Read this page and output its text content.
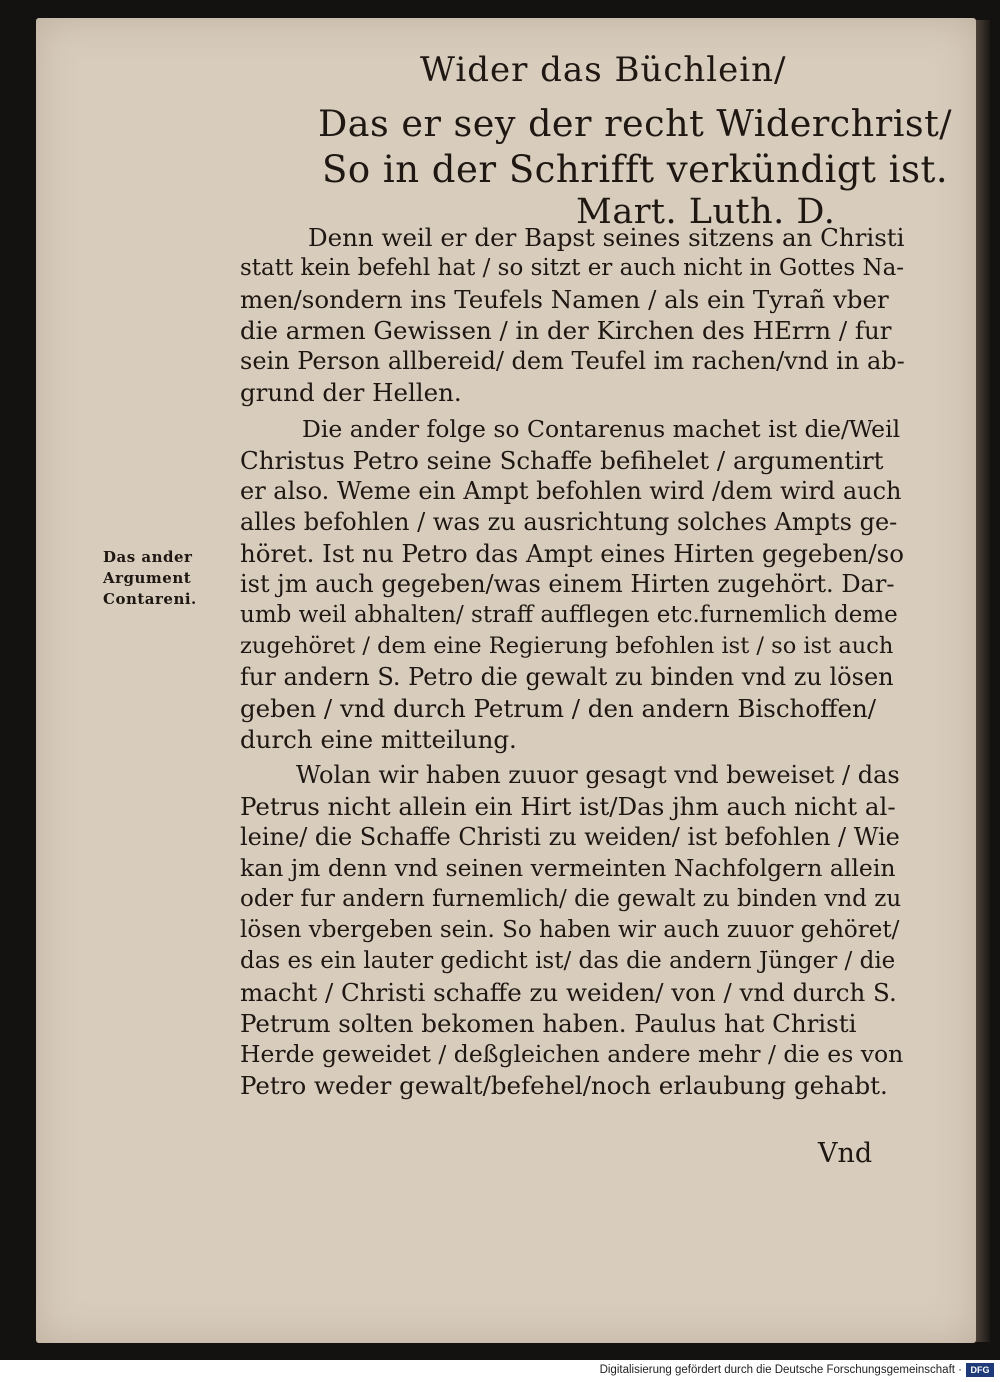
Wider das Büchlein/
Das er sey der recht Widerchrist/
So in der Schrifft verkündigt ist.
Mart. Luth. D.
Denn weil er der Bapst seines sitzens an Christi
statt kein befehl hat / so sitzt er auch nicht in Gottes Na-
men/sondern ins Teufels Namen / als ein Tyrañ vber
die armen Gewissen / in der Kirchen des HErrn / fur
sein Person allbereid/ dem Teufel im rachen/vnd in ab-
grund der Hellen.
Die ander folge so Contarenus machet ist die/Weil
Christus Petro seine Schaffe befihelet / argumentirt
er also. Weme ein Ampt befohlen wird /dem wird auch
alles befohlen / was zu ausrichtung solches Ampts ge-
höret. Ist nu Petro das Ampt eines Hirten gegeben/so
ist jm auch gegeben/was einem Hirten zugehört. Dar-
umb weil abhalten/ straff aufflegen etc.furnemlich deme
zugehöret / dem eine Regierung befohlen ist / so ist auch
fur andern S. Petro die gewalt zu binden vnd zu lösen
geben / vnd durch Petrum / den andern Bischoffen/
durch eine mitteilung.
Das ander
Argument
Contareni.
Wolan wir haben zuuor gesagt vnd beweiset / das
Petrus nicht allein ein Hirt ist/Das jhm auch nicht al-
leine/ die Schaffe Christi zu weiden/ ist befohlen / Wie
kan jm denn vnd seinen vermeinten Nachfolgern allein
oder fur andern furnemlich/ die gewalt zu binden vnd zu
lösen vbergeben sein. So haben wir auch zuuor gehöret/
das es ein lauter gedicht ist/ das die andern Jünger / die
macht / Christi schaffe zu weiden/ von / vnd durch S.
Petrum solten bekomen haben. Paulus hat Christi
Herde geweidet / deßgleichen andere mehr / die es von
Petro weder gewalt/befehel/noch erlaubung gehabt.
Vnd
Digitalisierung gefördert durch die Deutsche Forschungsgemeinschaft · DFG
